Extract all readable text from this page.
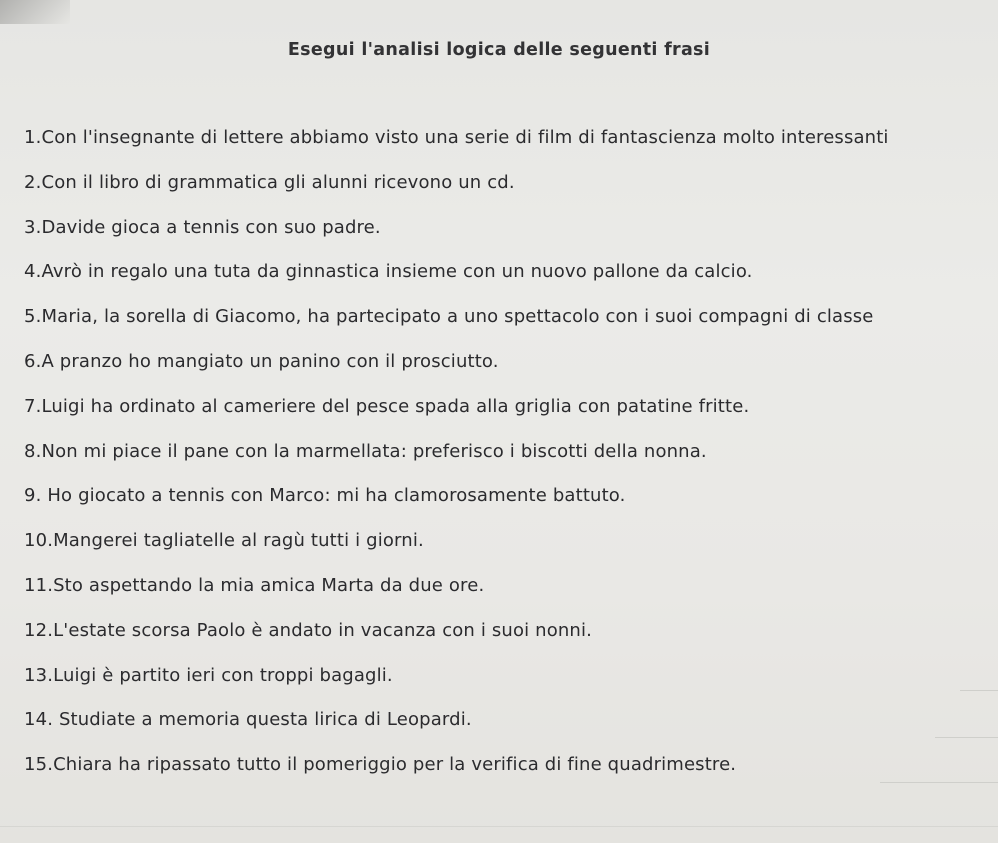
Esegui l'analisi logica delle seguenti frasi
1.Con l'insegnante di lettere abbiamo visto una serie di film di fantascienza molto interessanti
2.Con il libro di grammatica gli alunni ricevono un cd.
3.Davide gioca a tennis con suo padre.
4.Avrò in regalo una tuta da ginnastica insieme con un nuovo pallone da calcio.
5.Maria, la sorella di Giacomo, ha partecipato a uno spettacolo con i suoi compagni di classe
6.A pranzo ho mangiato un panino con il prosciutto.
7.Luigi ha ordinato al cameriere del pesce spada alla griglia con patatine fritte.
8.Non mi piace il pane con la marmellata: preferisco i biscotti della nonna.
9. Ho giocato a tennis con Marco: mi ha clamorosamente battuto.
10.Mangerei tagliatelle al ragù tutti i giorni.
11.Sto aspettando la mia amica Marta da due ore.
12.L'estate scorsa Paolo è andato in vacanza con i suoi nonni.
13.Luigi è partito ieri con troppi bagagli.
14. Studiate a memoria questa lirica di Leopardi.
15.Chiara ha ripassato tutto il pomeriggio per la verifica di fine quadrimestre.
